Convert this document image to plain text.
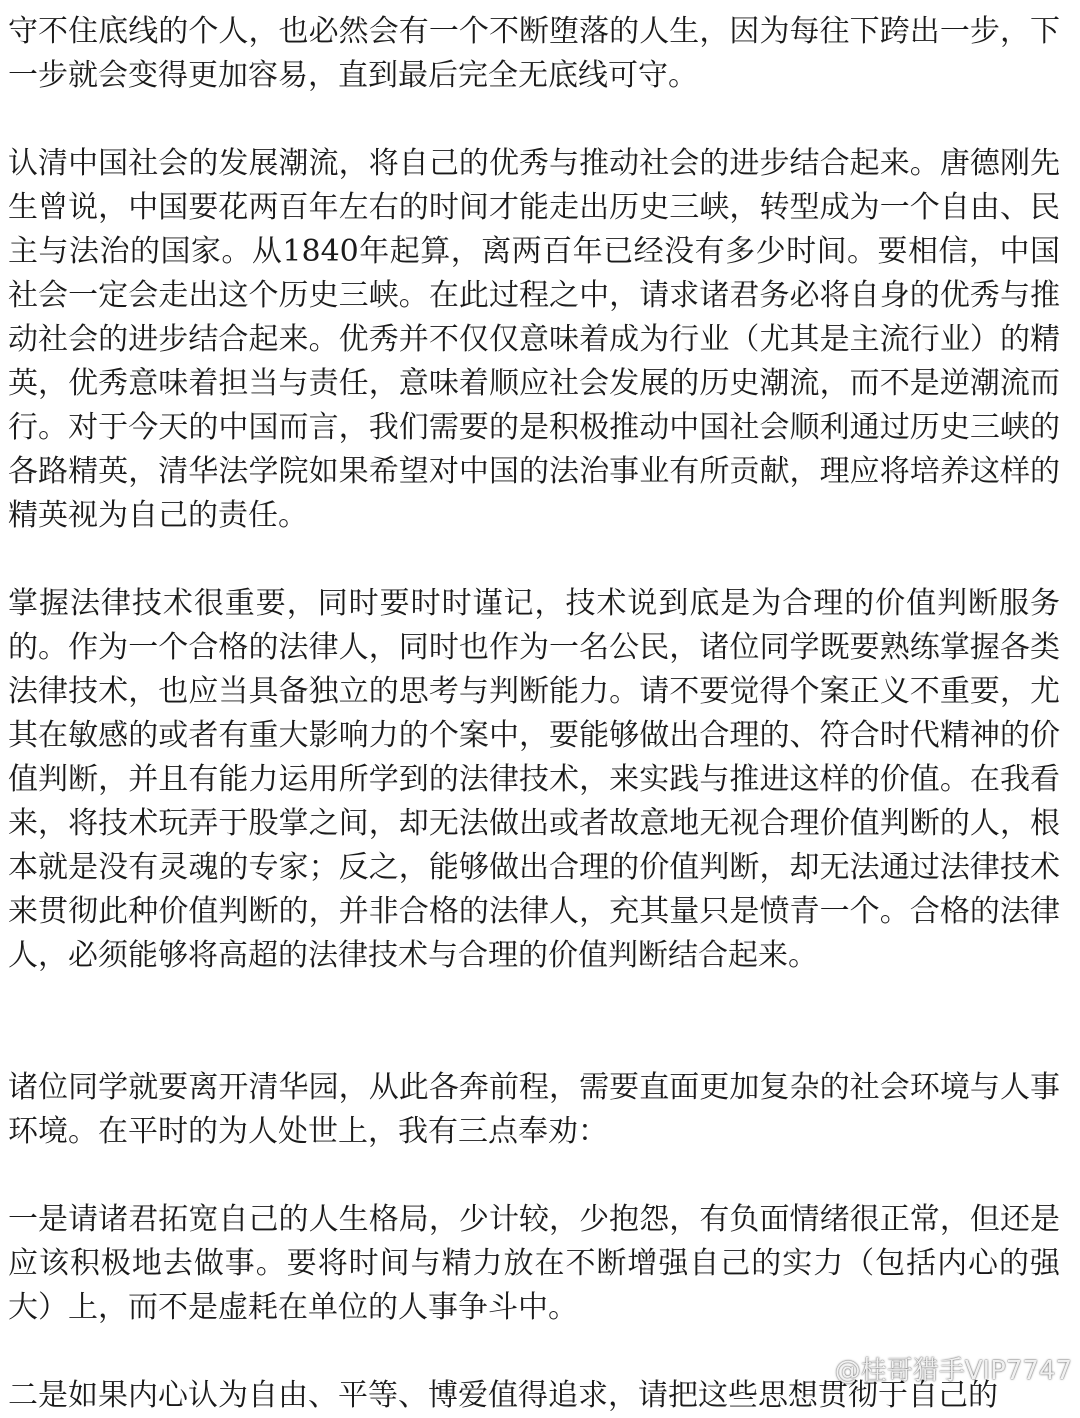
守不住底线的个人，也必然会有一个不断堕落的人生，因为每往下跨出一步，下一步就会变得更加容易，直到最后完全无底线可守。
认清中国社会的发展潮流，将自己的优秀与推动社会的进步结合起来。唐德刚先生曾说，中国要花两百年左右的时间才能走出历史三峡，转型成为一个自由、民主与法治的国家。从1840年起算，离两百年已经没有多少时间。要相信，中国社会一定会走出这个历史三峡。在此过程之中，请求诸君务必将自身的优秀与推动社会的进步结合起来。优秀并不仅仅意味着成为行业（尤其是主流行业）的精英，优秀意味着担当与责任，意味着顺应社会发展的历史潮流，而不是逆潮流而行。对于今天的中国而言，我们需要的是积极推动中国社会顺利通过历史三峡的各路精英，清华法学院如果希望对中国的法治事业有所贡献，理应将培养这样的精英视为自己的责任。
掌握法律技术很重要，同时要时时谨记，技术说到底是为合理的价值判断服务的。作为一个合格的法律人，同时也作为一名公民，诸位同学既要熟练掌握各类法律技术，也应当具备独立的思考与判断能力。请不要觉得个案正义不重要，尤其在敏感的或者有重大影响力的个案中，要能够做出合理的、符合时代精神的价值判断，并且有能力运用所学到的法律技术，来实践与推进这样的价值。在我看来，将技术玩弄于股掌之间，却无法做出或者故意地无视合理价值判断的人，根本就是没有灵魂的专家；反之，能够做出合理的价值判断，却无法通过法律技术来贯彻此种价值判断的，并非合格的法律人，充其量只是愤青一个。合格的法律人，必须能够将高超的法律技术与合理的价值判断结合起来。
诸位同学就要离开清华园，从此各奔前程，需要直面更加复杂的社会环境与人事环境。在平时的为人处世上，我有三点奉劝：
一是请诸君拓宽自己的人生格局，少计较，少抱怨，有负面情绪很正常，但还是应该积极地去做事。要将时间与精力放在不断增强自己的实力（包括内心的强大）上，而不是虚耗在单位的人事争斗中。
二是如果内心认为自由、平等、博爱值得追求，请把这些思想贯彻于自己的
@桂哥猎手VIP7747
